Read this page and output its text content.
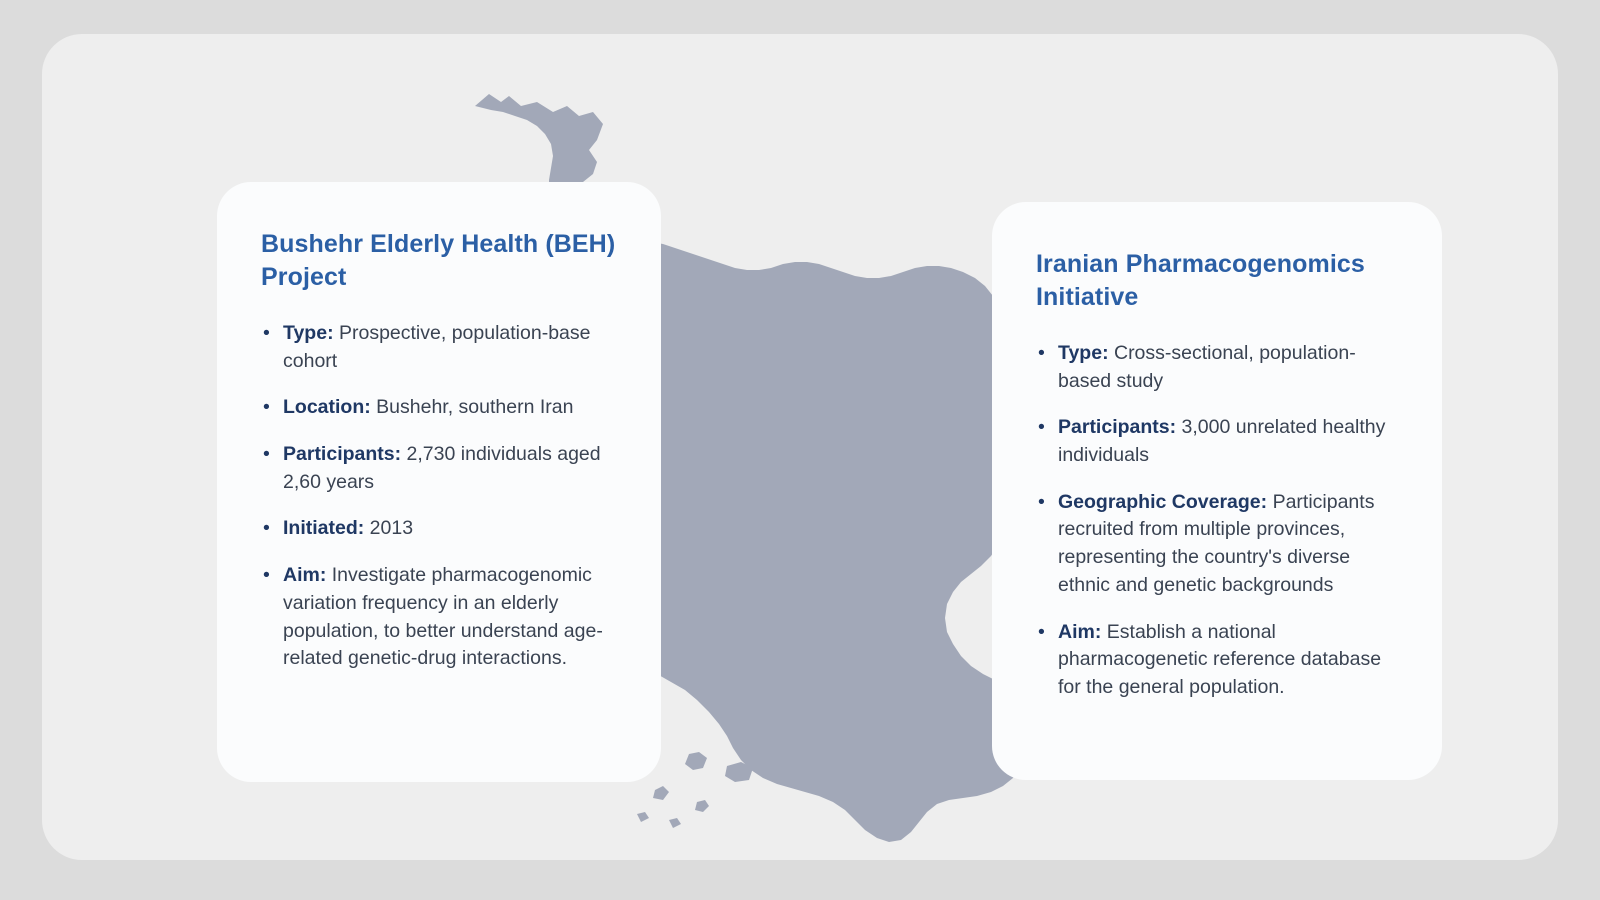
Bushehr Elderly Health (BEH) Project
• Type: Prospective, population-base cohort
• Location: Bushehr, southern Iran
• Participants: 2,730 individuals aged 2,60 years
• Initiated: 2013
• Aim: Investigate pharmacogenomic variation frequency in an elderly population, to better understand age-related genetic-drug interactions.
Iranian Pharmacogenomics Initiative
• Type: Cross-sectional, population-based study
• Participants: 3,000 unrelated healthy individuals
• Geographic Coverage: Participants recruited from multiple provinces, representing the country's diverse ethnic and genetic backgrounds
• Aim: Establish a national pharmacogenetic reference database for the general population.
